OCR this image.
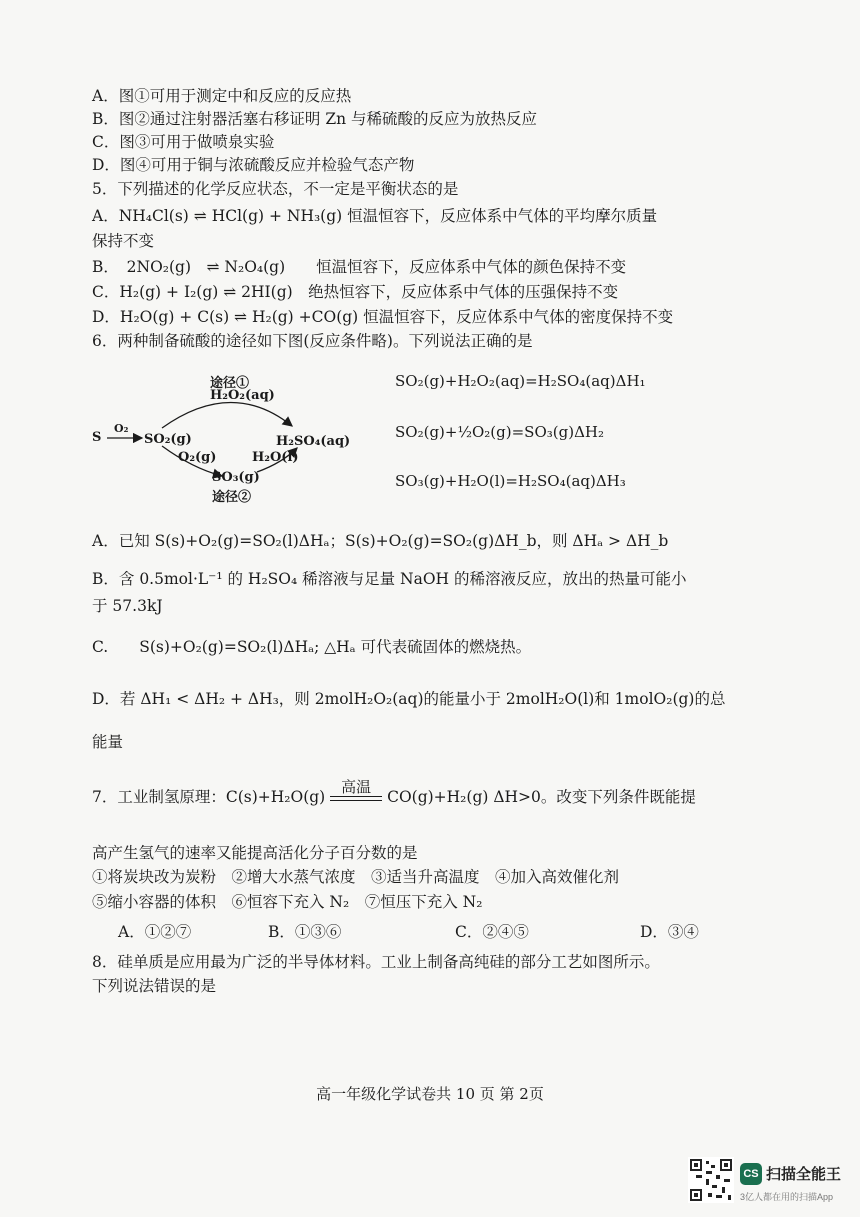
A．图①可用于测定中和反应的反应热
B．图②通过注射器活塞右移证明 Zn 与稀硫酸的反应为放热反应
C．图③可用于做喷泉实验
D．图④可用于铜与浓硫酸反应并检验气态产物
5．下列描述的化学反应状态，不一定是平衡状态的是
A．NH₄Cl(s) ⇌ HCl(g) + NH₃(g) 恒温恒容下，反应体系中气体的平均摩尔质量
保持不变
B．　2NO₂(g)　⇌ N₂O₄(g)　　恒温恒容下，反应体系中气体的颜色保持不变
C．H₂(g) + I₂(g) ⇌ 2HI(g)　绝热恒容下，反应体系中气体的压强保持不变
D．H₂O(g) + C(s) ⇌ H₂(g) +CO(g) 恒温恒容下，反应体系中气体的密度保持不变
6．两种制备硫酸的途径如下图(反应条件略)。下列说法正确的是
S
O₂
SO₂(g)
途径①
H₂O₂(aq)
H₂SO₄(aq)
O₂(g)	H₂O(l)
SO₃(g)
途径②
SO₂(g)+H₂O₂(aq)=H₂SO₄(aq)ΔH₁
SO₂(g)+½O₂(g)=SO₃(g)ΔH₂
SO₃(g)+H₂O(l)=H₂SO₄(aq)ΔH₃
A．已知 S(s)+O₂(g)=SO₂(l)ΔHₐ；S(s)+O₂(g)=SO₂(g)ΔH_b，则 ΔHₐ > ΔH_b
B．含 0.5mol·L⁻¹ 的 H₂SO₄ 稀溶液与足量 NaOH 的稀溶液反应，放出的热量可能小
于 57.3kJ
C.　　S(s)+O₂(g)=SO₂(l)ΔHₐ; △Hₐ 可代表硫固体的燃烧热。
D．若 ΔH₁ < ΔH₂ + ΔH₃，则 2molH₂O₂(aq)的能量小于 2molH₂O(l)和 1molO₂(g)的总
能量
7．工业制氢原理：C(s)+H₂O(g)
高温
CO(g)+H₂(g) ΔH>0。改变下列条件既能提
高产生氢气的速率又能提高活化分子百分数的是
①将炭块改为炭粉　②增大水蒸气浓度　③适当升高温度　④加入高效催化剂
⑤缩小容器的体积　⑥恒容下充入 N₂　⑦恒压下充入 N₂
A．①②⑦	B．①③⑥	C．②④⑤	D．③④
8．硅单质是应用最为广泛的半导体材料。工业上制备高纯硅的部分工艺如图所示。
下列说法错误的是
高一年级化学试卷共 10 页 第 2页
CS 扫描全能王
3亿人都在用的扫描App
